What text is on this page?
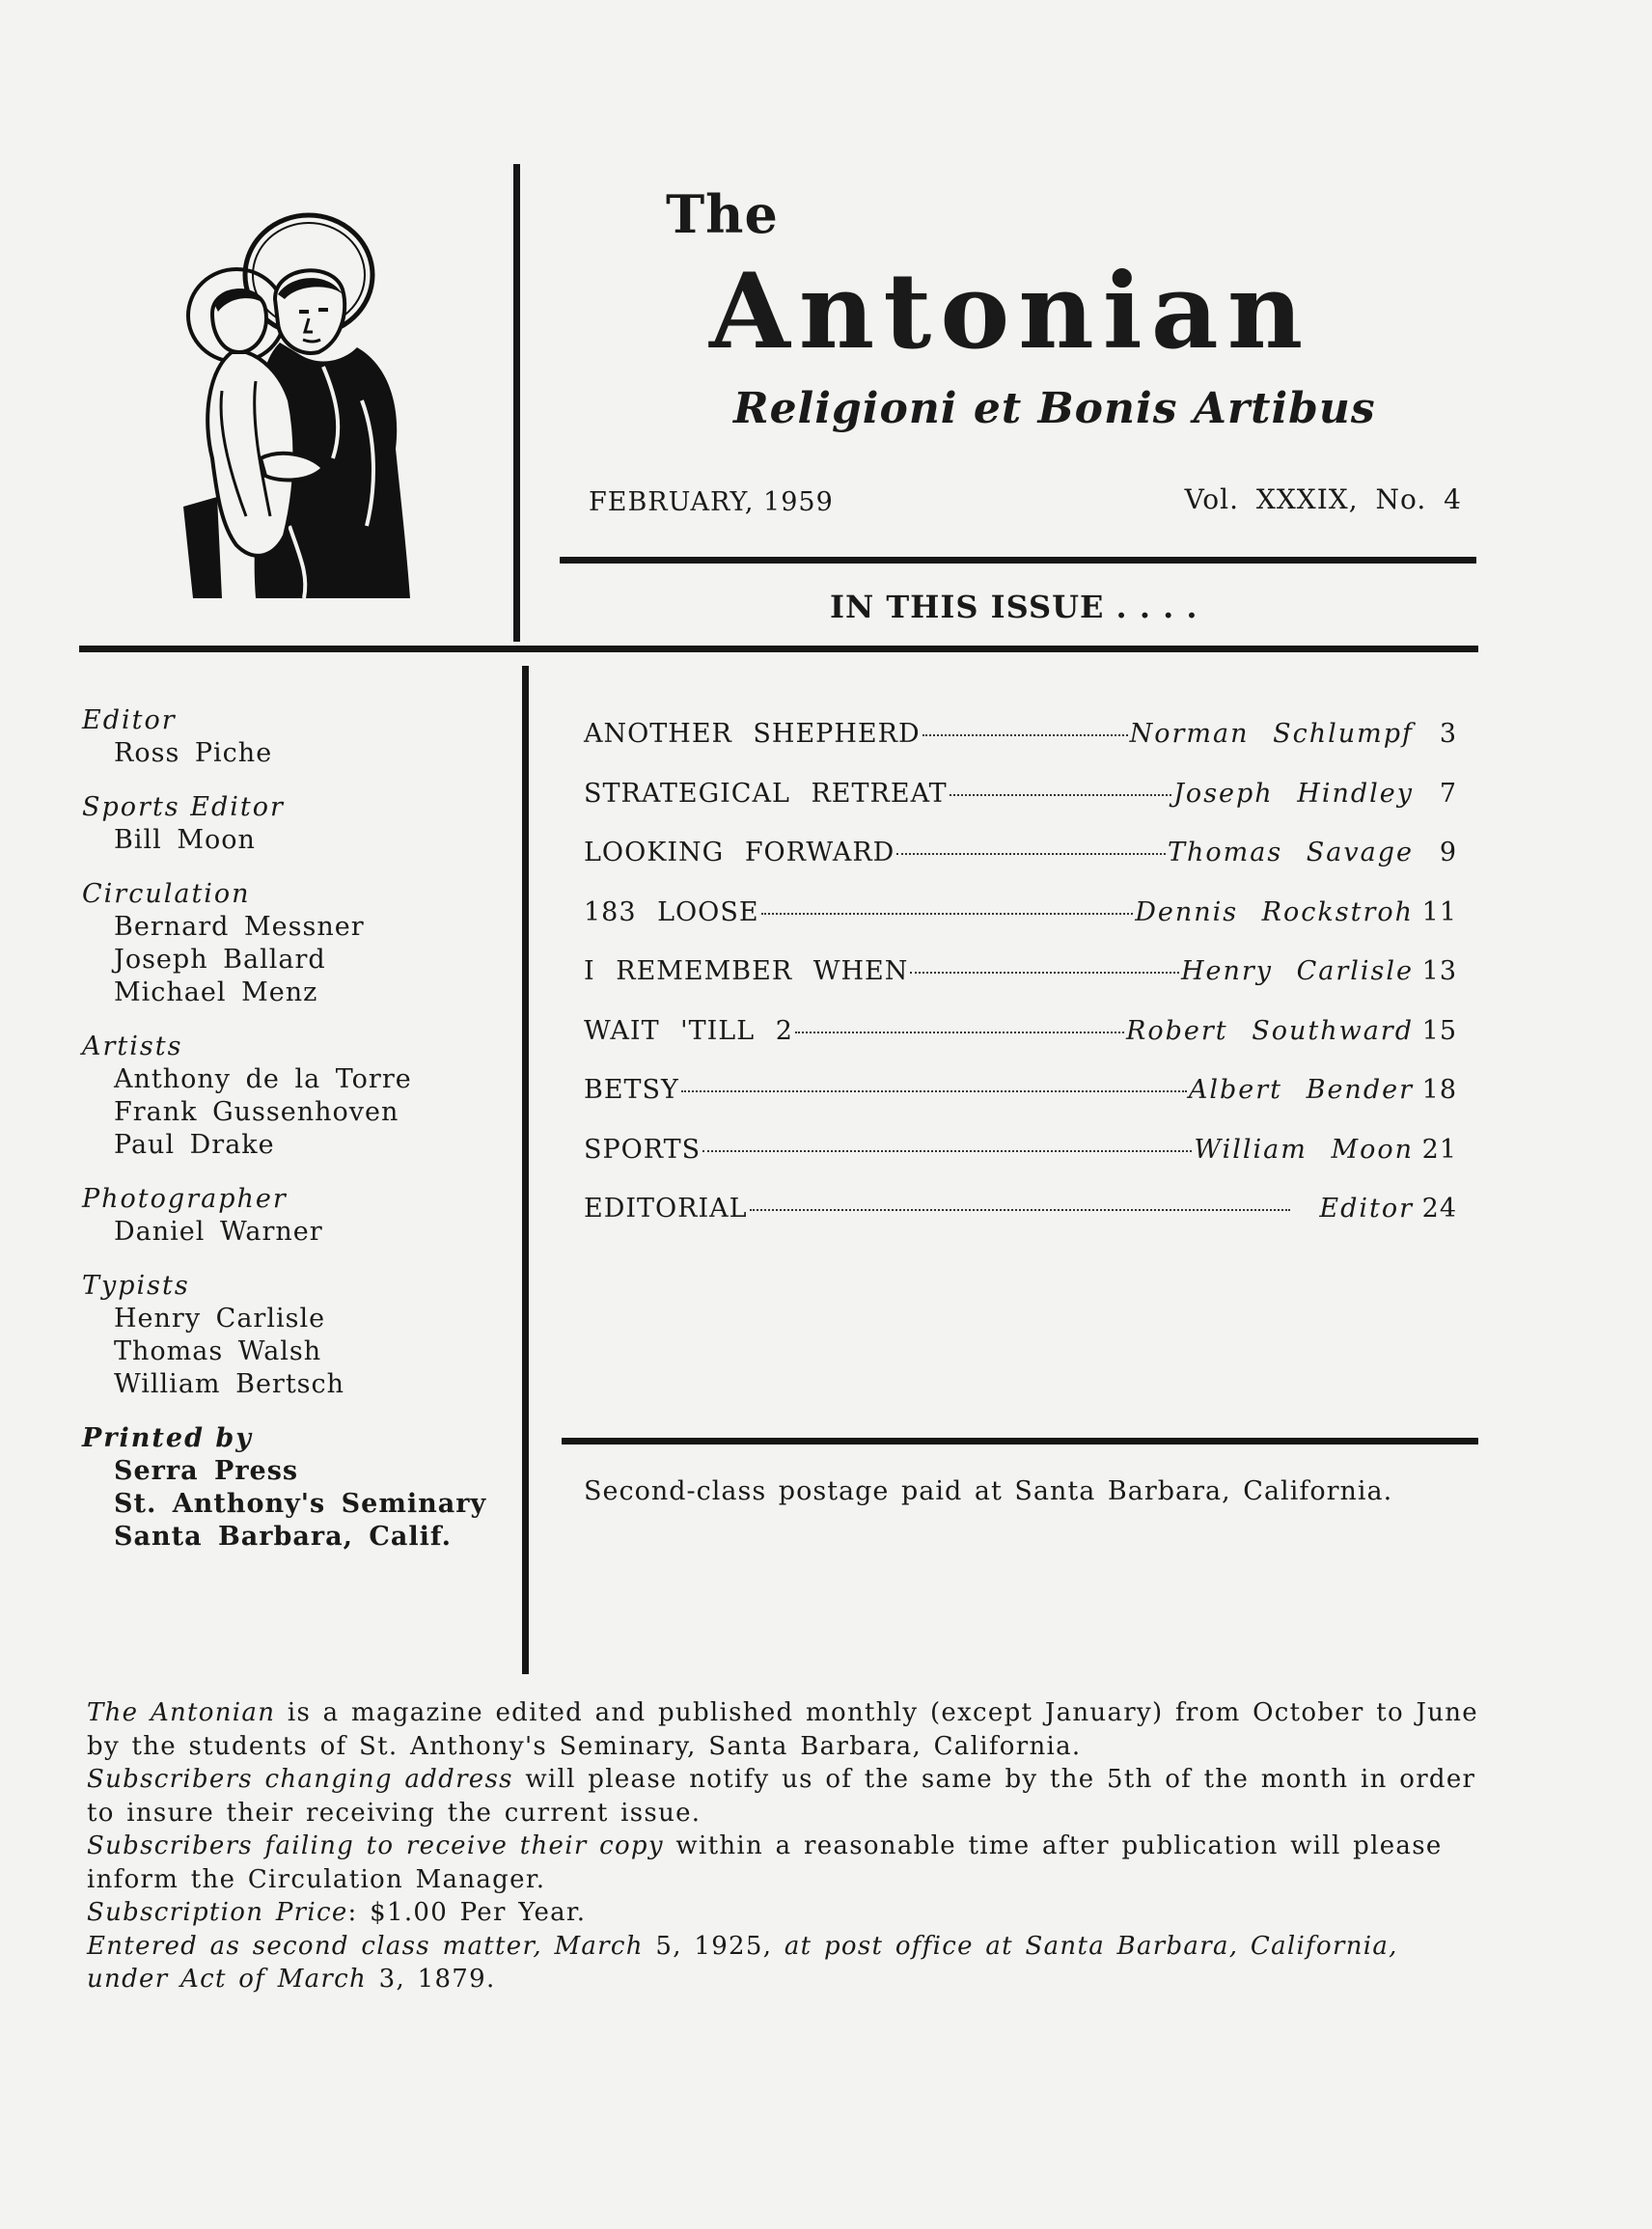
The
Antonian
Religioni et Bonis Artibus
FEBRUARY, 1959	Vol. XXXIX, No. 4
IN THIS ISSUE . . . .
Editor
Ross Piche
Sports Editor
Bill Moon
Circulation
Bernard Messner
Joseph Ballard
Michael Menz
Artists
Anthony de la Torre
Frank Gussenhoven
Paul Drake
Photographer
Daniel Warner
Typists
Henry Carlisle
Thomas Walsh
William Bertsch
Printed by
Serra Press
St. Anthony's Seminary
Santa Barbara, Calif.
ANOTHER SHEPHERD	Norman Schlumpf 3
STRATEGICAL RETREAT	Joseph Hindley 7
LOOKING FORWARD	Thomas Savage 9
183 LOOSE	Dennis Rockstroh 11
I REMEMBER WHEN	Henry Carlisle 13
WAIT 'TILL 2	Robert Southward 15
BETSY	Albert Bender 18
SPORTS	William Moon 21
EDITORIAL	Editor 24
Second-class postage paid at Santa Barbara, California.

The Antonian is a magazine edited and published monthly (except January) from October to June by the students of St. Anthony's Seminary, Santa Barbara, California.

Subscribers changing address will please notify us of the same by the 5th of the month in order to insure their receiving the current issue.

Subscribers failing to receive their copy within a reasonable time after publication will please inform the Circulation Manager.

Subscription Price: $1.00 Per Year.

Entered as second class matter, March 5, 1925, at post office at Santa Barbara, California, under Act of March 3, 1879.
